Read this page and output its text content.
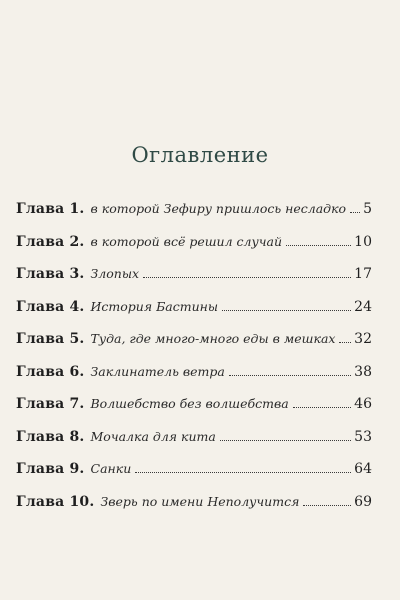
Оглавление
Глава 1. в которой Зефиру пришлось несладко 5
Глава 2. в которой всё решил случай	10
Глава 3. Злопых	17
Глава 4. История Бастины	24
Глава 5. Туда, где много-много еды в мешках 32
Глава 6. Заклинатель ветра	38
Глава 7. Волшебство без волшебства	46
Глава 8. Мочалка для кита	53
Глава 9. Санки	64
Глава 10. Зверь по имени Неполучится	69
